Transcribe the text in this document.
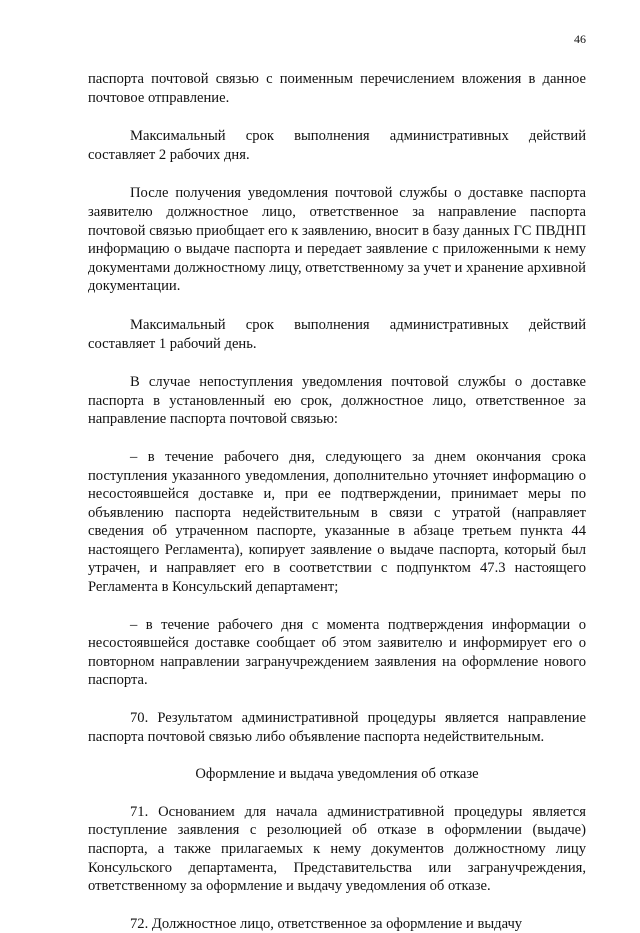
46

паспорта почтовой связью с поименным перечислением вложения в данное почтовое отправление.

Максимальный срок выполнения административных действий составляет 2 рабочих дня.

После получения уведомления почтовой службы о доставке паспорта заявителю должностное лицо, ответственное за направление паспорта почтовой связью приобщает его к заявлению, вносит в базу данных ГС ПВДНП информацию о выдаче паспорта и передает заявление с приложенными к нему документами должностному лицу, ответственному за учет и хранение архивной документации.

Максимальный срок выполнения административных действий составляет 1 рабочий день.

В случае непоступления уведомления почтовой службы о доставке паспорта в установленный ею срок, должностное лицо, ответственное за направление паспорта почтовой связью:

– в течение рабочего дня, следующего за днем окончания срока поступления указанного уведомления, дополнительно уточняет информацию о несостоявшейся доставке и, при ее подтверждении, принимает меры по объявлению паспорта недействительным в связи с утратой (направляет сведения об утраченном паспорте, указанные в абзаце третьем пункта 44 настоящего Регламента), копирует заявление о выдаче паспорта, который был утрачен, и направляет его в соответствии с подпунктом 47.3 настоящего Регламента в Консульский департамент;

– в течение рабочего дня с момента подтверждения информации о несостоявшейся доставке сообщает об этом заявителю и информирует его о повторном направлении загранучреждением заявления на оформление нового паспорта.

70. Результатом административной процедуры является направление паспорта почтовой связью либо объявление паспорта недействительным.

Оформление и выдача уведомления об отказе

71. Основанием для начала административной процедуры является поступление заявления с резолюцией об отказе в оформлении (выдаче) паспорта, а также прилагаемых к нему документов должностному лицу Консульского департамента, Представительства или загранучреждения, ответственному за оформление и выдачу уведомления об отказе.

72. Должностное лицо, ответственное за оформление и выдачу
